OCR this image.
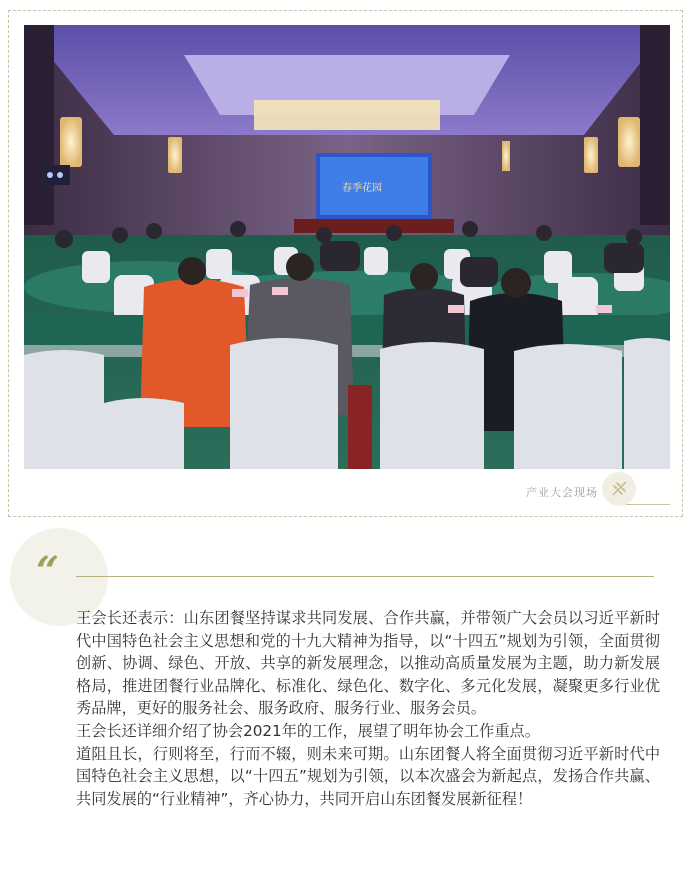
春季花园
产业大会现场
“

王会长还表示：山东团餐坚持谋求共同发展、合作共赢，并带领广大会员以习近平新时代中国特色社会主义思想和党的十九大精神为指导，以“十四五”规划为引领，全面贯彻创新、协调、绿色、开放、共享的新发展理念，以推动高质量发展为主题，助力新发展格局，推进团餐行业品牌化、标准化、绿色化、数字化、多元化发展，凝聚更多行业优秀品牌，更好的服务社会、服务政府、服务行业、服务会员。

王会长还详细介绍了协会2021年的工作，展望了明年协会工作重点。

道阻且长，行则将至，行而不辍，则未来可期。山东团餐人将全面贯彻习近平新时代中国特色社会主义思想，以“十四五”规划为引领，以本次盛会为新起点，发扬合作共赢、共同发展的“行业精神”，齐心协力，共同开启山东团餐发展新征程！
